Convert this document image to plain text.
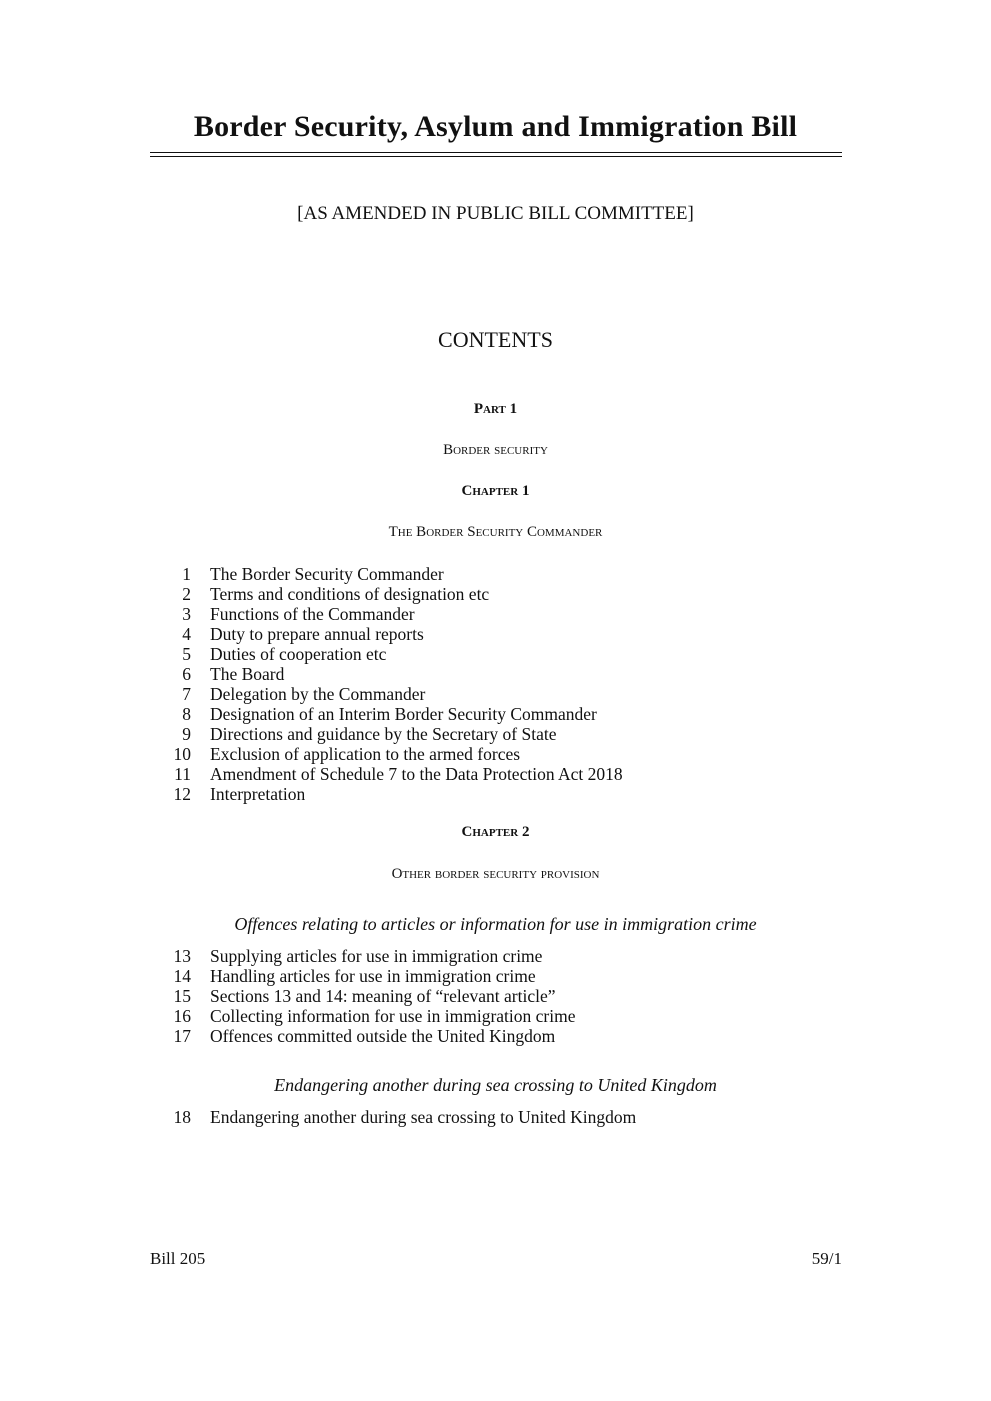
Border Security, Asylum and Immigration Bill
[AS AMENDED IN PUBLIC BILL COMMITTEE]
CONTENTS
Part 1
Border security
Chapter 1
The Border Security Commander
1	The Border Security Commander
2	Terms and conditions of designation etc
3	Functions of the Commander
4	Duty to prepare annual reports
5	Duties of cooperation etc
6	The Board
7	Delegation by the Commander
8	Designation of an Interim Border Security Commander
9	Directions and guidance by the Secretary of State
10	Exclusion of application to the armed forces
11	Amendment of Schedule 7 to the Data Protection Act 2018
12	Interpretation
Chapter 2
Other border security provision
Offences relating to articles or information for use in immigration crime
13	Supplying articles for use in immigration crime
14	Handling articles for use in immigration crime
15	Sections 13 and 14: meaning of “relevant article”
16	Collecting information for use in immigration crime
17	Offences committed outside the United Kingdom
Endangering another during sea crossing to United Kingdom
18	Endangering another during sea crossing to United Kingdom
Bill 205	59/1
